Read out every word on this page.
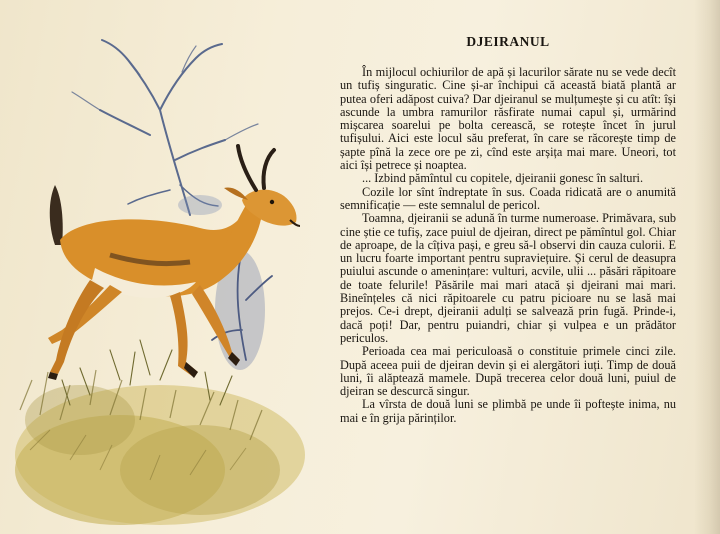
DJEIRANUL

În mijlocul ochiurilor de apă și lacurilor sărate nu se vede decît un tufiș singuratic. Cine și-ar închipui că această biată plantă ar putea oferi adăpost cuiva? Dar djeiranul se mulțumește și cu atît: își ascunde la umbra ramurilor răsfirate numai capul și, urmărind mișcarea soarelui pe bolta cerească, se rotește încet în jurul tufișului. Aici este locul său preferat, în care se răcorește timp de șapte pînă la zece ore pe zi, cînd este arșița mai mare. Uneori, tot aici își petrece și noaptea.

... Izbind pămîntul cu copitele, djeiranii gonesc în salturi.

Cozile lor sînt îndreptate în sus. Coada ridicată are o anumită semnificație — este semnalul de pericol.

Toamna, djeiranii se adună în turme numeroase. Primăvara, sub cine știe ce tufiș, zace puiul de djeiran, direct pe pămîntul gol. Chiar de aproape, de la cîțiva pași, e greu să-l observi din cauza culorii. E un lucru foarte important pentru supraviețuire. Și cerul de deasupra puiului ascunde o amenințare: vulturi, acvile, ulii ... păsări răpitoare de toate felurile! Păsările mai mari atacă și djeirani mai mari. Bineînțeles că nici răpitoarele cu patru picioare nu se lasă mai prejos. Ce-i drept, djeiranii adulți se salvează prin fugă. Prinde-i, dacă poți! Dar, pentru puiandri, chiar și vulpea e un prădător periculos.

Perioada cea mai periculoasă o constituie primele cinci zile. După aceea puii de djeiran devin și ei alergători iuți. Timp de două luni, îi alăptează mamele. După trecerea celor două luni, puiul de djeiran se descurcă singur.

La vîrsta de două luni se plimbă pe unde îi poftește inima, nu mai e în grija părinților.
